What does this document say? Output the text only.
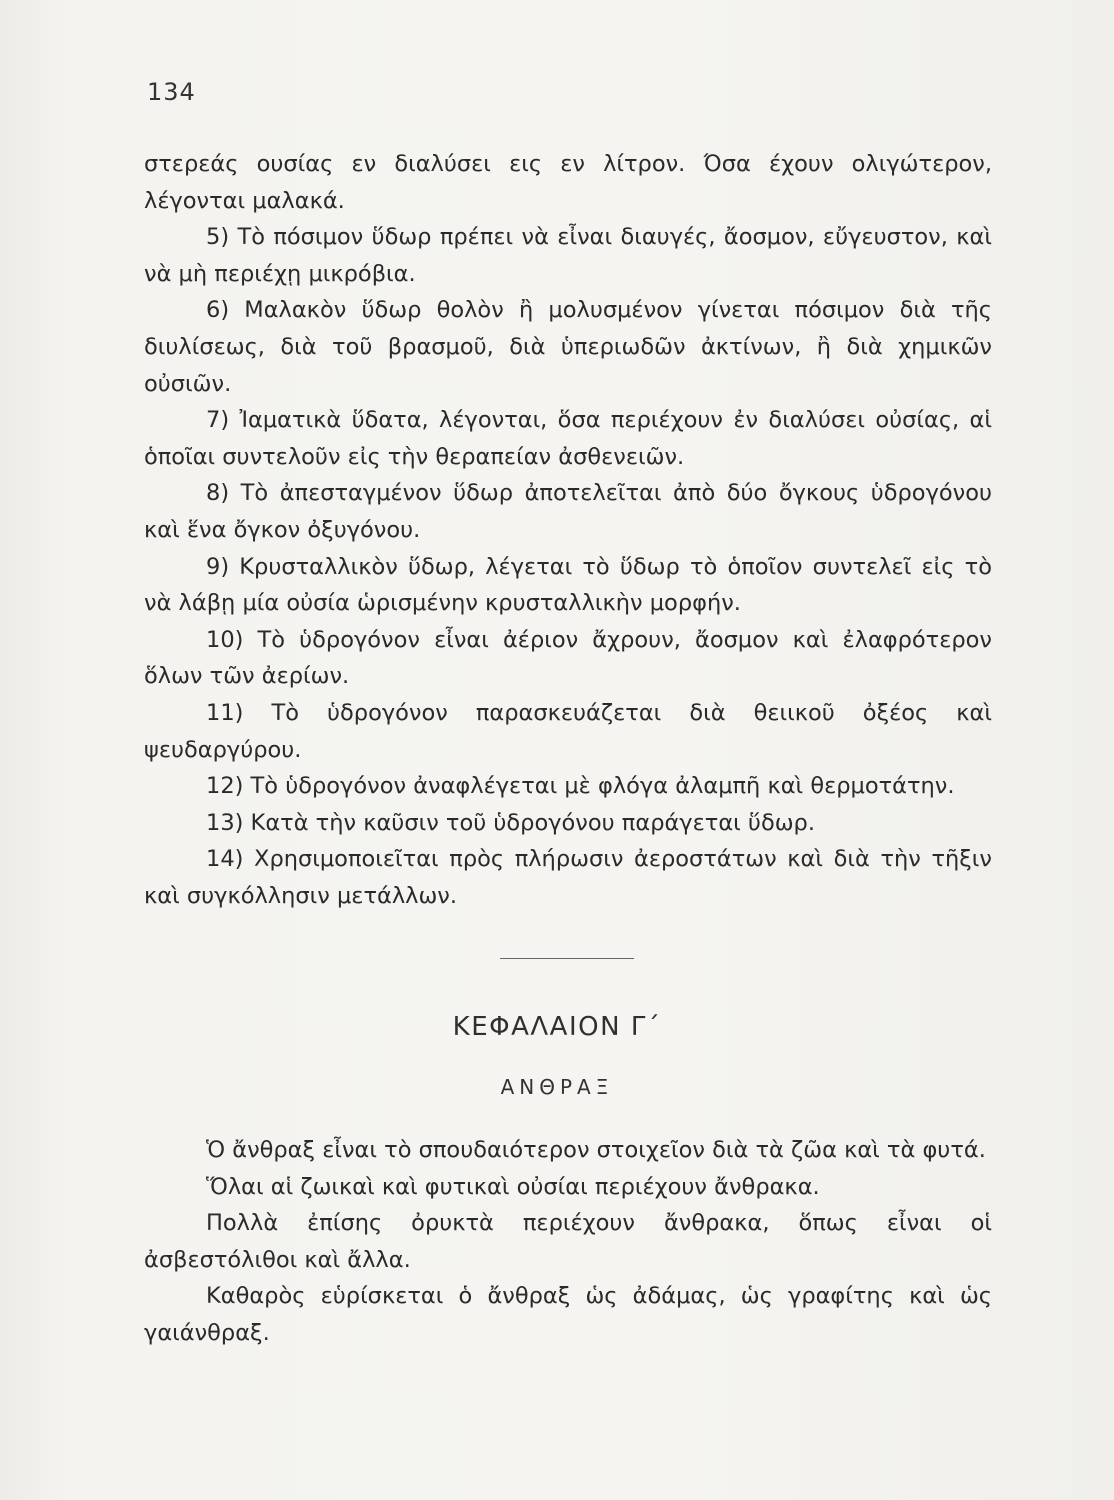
134

στερεάς ουσίας εν διαλύσει εις εν λίτρον. Όσα έχουν ολιγώτερον, λέγονται μαλακά.

5) Τὸ πόσιμον ὕδωρ πρέπει νὰ εἶναι διαυγές, ἄοσμον, εὔγευστον, καὶ νὰ μὴ περιέχῃ μικρόβια.

6) Μαλακὸν ὕδωρ θολὸν ἢ μολυσμένον γίνεται πόσιμον διὰ τῆς διυλίσεως, διὰ τοῦ βρασμοῦ, διὰ ὑπεριωδῶν ἀκτίνων, ἢ διὰ χημικῶν οὐσιῶν.

7) Ἰαματικὰ ὕδατα, λέγονται, ὅσα περιέχουν ἐν διαλύσει οὐσίας, αἱ ὁποῖαι συντελοῦν εἰς τὴν θεραπείαν ἀσθενειῶν.

8) Τὸ ἀπεσταγμένον ὕδωρ ἀποτελεῖται ἀπὸ δύο ὄγκους ὑδρογόνου καὶ ἕνα ὄγκον ὀξυγόνου.

9) Κρυσταλλικὸν ὕδωρ, λέγεται τὸ ὕδωρ τὸ ὁποῖον συντελεῖ εἰς τὸ νὰ λάβῃ μία οὐσία ὡρισμένην κρυσταλλικὴν μορφήν.

10) Τὸ ὑδρογόνον εἶναι ἀέριον ἄχρουν, ἄοσμον καὶ ἐλαφρότερον ὅλων τῶν ἀερίων.

11) Τὸ ὑδρογόνον παρασκευάζεται διὰ θειικοῦ ὀξέος καὶ ψευδαργύρου.

12) Τὸ ὑδρογόνον ἀναφλέγεται μὲ φλόγα ἀλαμπῆ καὶ θερμοτάτην.

13) Κατὰ τὴν καῦσιν τοῦ ὑδρογόνου παράγεται ὕδωρ.

14) Χρησιμοποιεῖται πρὸς πλήρωσιν ἀεροστάτων καὶ διὰ τὴν τῆξιν καὶ συγκόλλησιν μετάλλων.

ΚΕΦΑΛΑΙΟΝ Γ΄
ΑΝΘΡΑΞ

Ὁ ἄνθραξ εἶναι τὸ σπουδαιότερον στοιχεῖον διὰ τὰ ζῶα καὶ τὰ φυτά.

Ὅλαι αἱ ζωικαὶ καὶ φυτικαὶ οὐσίαι περιέχουν ἄνθρακα.

Πολλὰ ἐπίσης ὀρυκτὰ περιέχουν ἄνθρακα, ὅπως εἶναι οἱ ἀσβεστόλιθοι καὶ ἄλλα.

Καθαρὸς εὑρίσκεται ὁ ἄνθραξ ὡς ἀδάμας, ὡς γραφίτης καὶ ὡς γαιάνθραξ.
